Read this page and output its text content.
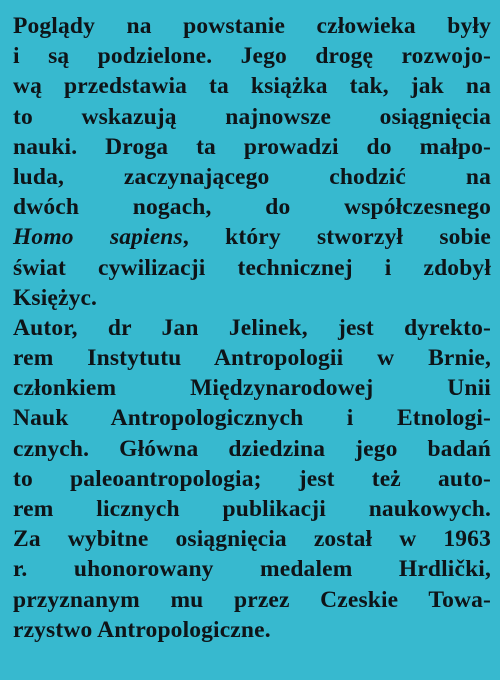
Poglądy na powstanie człowieka były
i są podzielone. Jego drogę rozwojo-
wą przedstawia ta książka tak, jak na
to wskazują najnowsze osiągnięcia
nauki. Droga ta prowadzi do małpo-
luda, zaczynającego chodzić na
dwóch nogach, do współczesnego
Homo sapiens, który stworzył sobie
świat cywilizacji technicznej i zdobył
Księżyc.
Autor, dr Jan Jelinek, jest dyrekto-
rem Instytutu Antropologii w Brnie,
członkiem Międzynarodowej Unii
Nauk Antropologicznych i Etnologi-
cznych. Główna dziedzina jego badań
to paleoantropologia; jest też auto-
rem licznych publikacji naukowych.
Za wybitne osiągnięcia został w 1963
r. uhonorowany medalem Hrdlički,
przyznanym mu przez Czeskie Towa-
rzystwo Antropologiczne.
